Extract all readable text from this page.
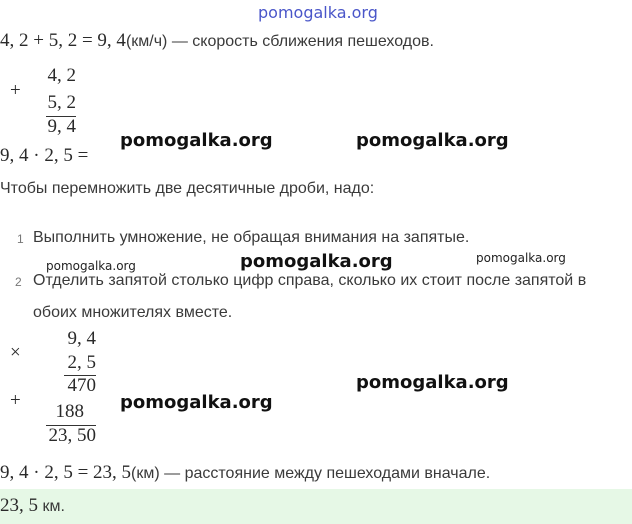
pomogalka.org
4, 2 + 5, 2 = 9, 4(км/ч) — скорость сближения пешеходов.
+
4, 2
5, 2
9, 4
9, 4 · 2, 5 =
pomogalka.org	pomogalka.org
Чтобы перемножить две десятичные дроби, надо:
1 Выполнить умножение, не обращая внимания на запятые.
pomogalka.org	pomogalka.org	pomogalka.org
2 Отделить запятой столько цифр справа, сколько их стоит после запятой в
обоих множителях вместе.
×
9, 4
2, 5
470
+
188
23, 50
pomogalka.org
pomogalka.org
9, 4 · 2, 5 = 23, 5(км) — расстояние между пешеходами вначале.
23, 5 км.
